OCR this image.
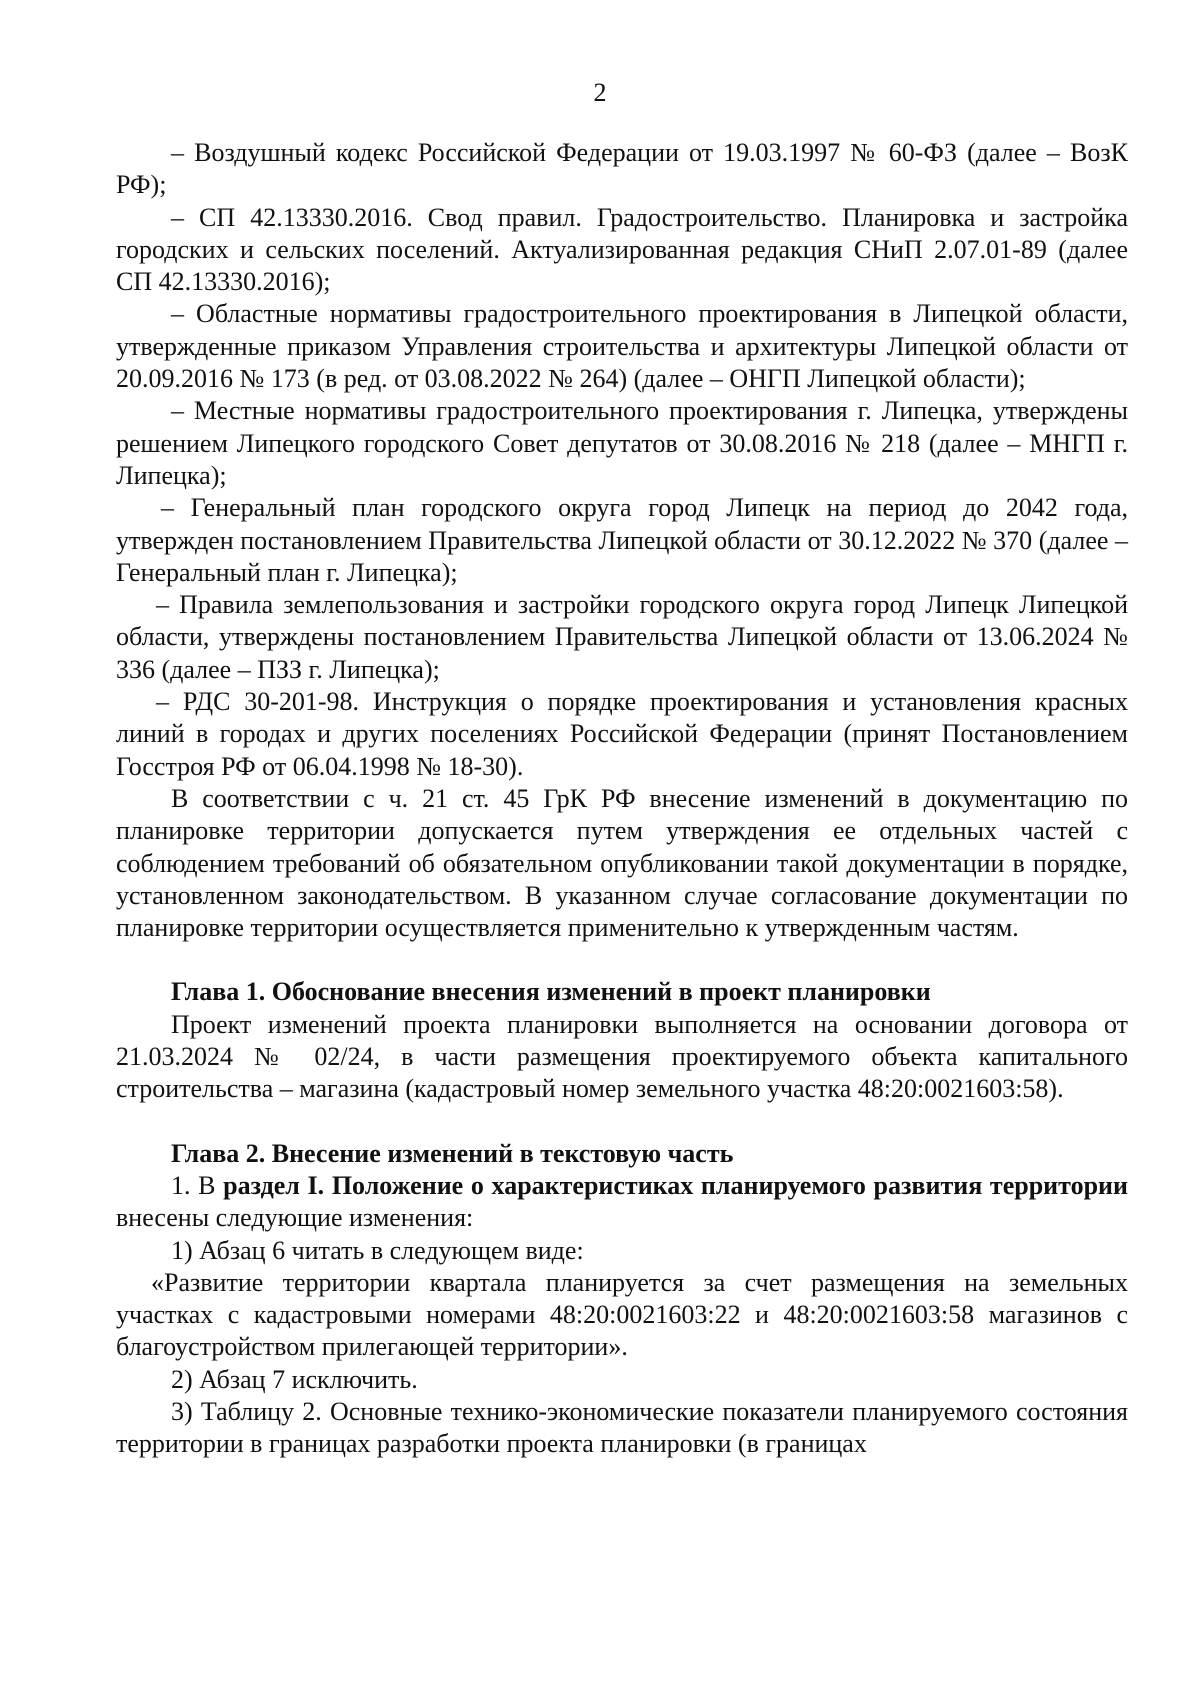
2

– Воздушный кодекс Российской Федерации от 19.03.1997 № 60-ФЗ (далее – ВозК РФ);

– СП 42.13330.2016. Свод правил. Градостроительство. Планировка и застройка городских и сельских поселений. Актуализированная редакция СНиП 2.07.01-89 (далее СП 42.13330.2016);

– Областные нормативы градостроительного проектирования в Липецкой области, утвержденные приказом Управления строительства и архитектуры Липецкой области от 20.09.2016 № 173 (в ред. от 03.08.2022 № 264) (далее – ОНГП Липецкой области);

– Местные нормативы градостроительного проектирования г. Липецка, утверждены решением Липецкого городского Совет депутатов от 30.08.2016 № 218 (далее – МНГП г. Липецка);

– Генеральный план городского округа город Липецк на период до 2042 года, утвержден постановлением Правительства Липецкой области от 30.12.2022 № 370 (далее – Генеральный план г. Липецка);

– Правила землепользования и застройки городского округа город Липецк Липецкой области, утверждены постановлением Правительства Липецкой области от 13.06.2024 № 336 (далее – ПЗЗ г. Липецка);

– РДС 30-201-98. Инструкция о порядке проектирования и установления красных линий в городах и других поселениях Российской Федерации (принят Постановлением Госстроя РФ от 06.04.1998 № 18-30).

В соответствии с ч. 21 ст. 45 ГрК РФ внесение изменений в документацию по планировке территории допускается путем утверждения ее отдельных частей с соблюдением требований об обязательном опубликовании такой документации в порядке, установленном законодательством. В указанном случае согласование документации по планировке территории осуществляется применительно к утвержденным частям.

Глава 1. Обоснование внесения изменений в проект планировки

Проект изменений проекта планировки выполняется на основании договора от 21.03.2024 № 02/24, в части размещения проектируемого объекта капитального строительства – магазина (кадастровый номер земельного участка 48:20:0021603:58).

Глава 2. Внесение изменений в текстовую часть

1. В раздел I. Положение о характеристиках планируемого развития территории внесены следующие изменения:

1) Абзац 6 читать в следующем виде:

«Развитие территории квартала планируется за счет размещения на земельных участках с кадастровыми номерами 48:20:0021603:22 и 48:20:0021603:58 магазинов с благоустройством прилегающей территории».

2) Абзац 7 исключить.

3) Таблицу 2. Основные технико-экономические показатели планируемого состояния территории в границах разработки проекта планировки (в границах
